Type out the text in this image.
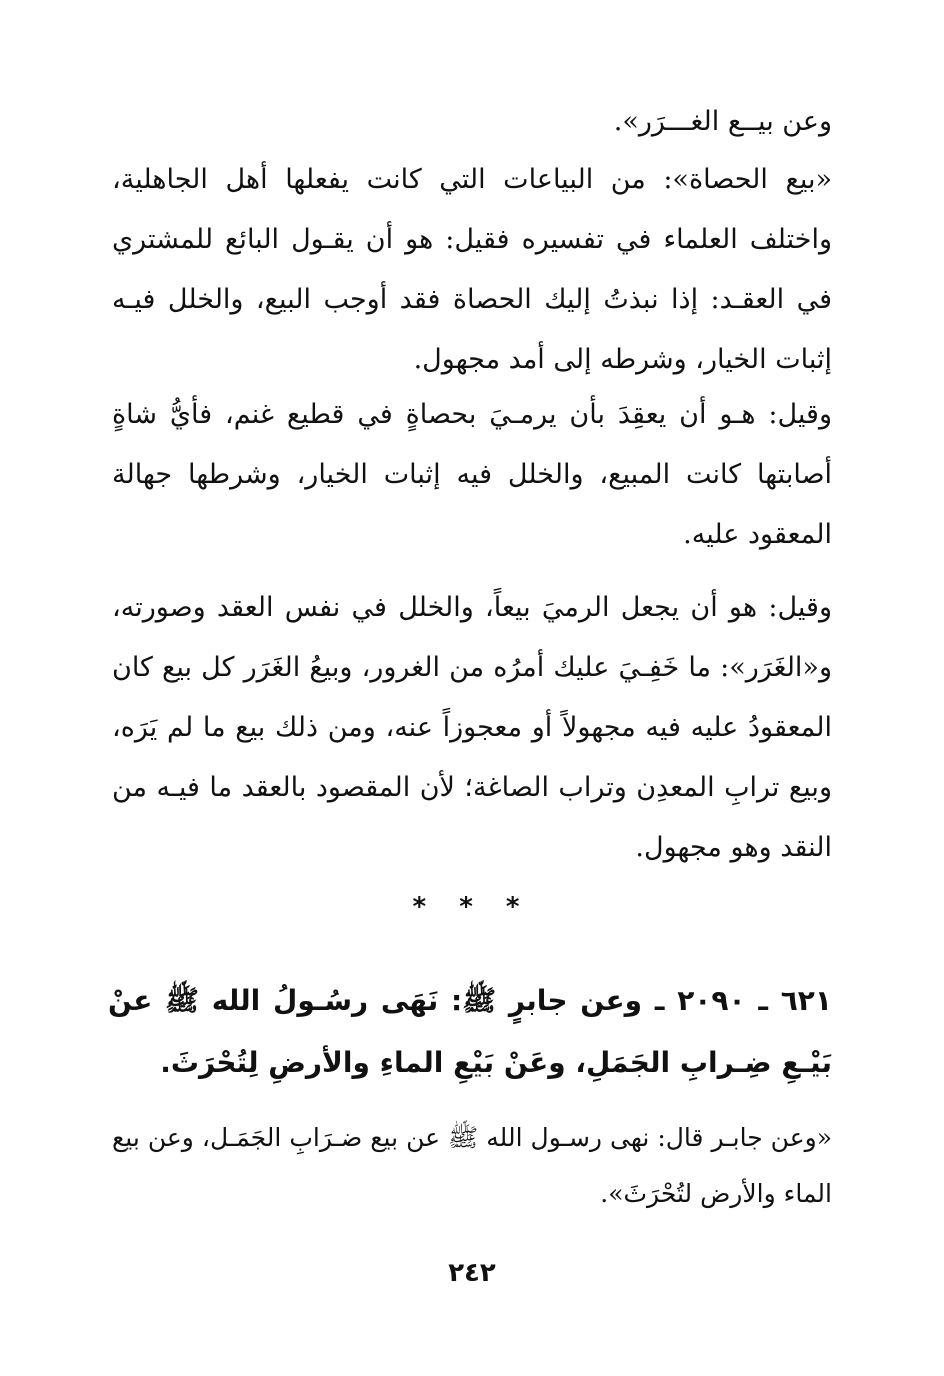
وعن بيــع الغـــرَر».

«بيع الحصاة»: من البياعات التي كانت يفعلها أهل الجاهلية، واختلف العلماء في تفسيره فقيل: هو أن يقـول البائع للمشتري في العقـد: إذا نبذتُ إليك الحصاة فقد أوجب البيع، والخلل فيـه إثبات الخيار، وشرطه إلى أمد مجهول.

وقيل: هـو أن يعقِدَ بأن يرمـيَ بحصاةٍ في قطيع غنم، فأيُّ شاةٍ أصابتها كانت المبيع، والخلل فيه إثبات الخيار، وشرطها جهالة المعقود عليه.

وقيل: هو أن يجعل الرميَ بيعاً، والخلل في نفس العقد وصورته، و«الغَرَر»: ما خَفِـيَ عليك أمرُه من الغرور، وبيعُ الغَرَر كل بيع كان المعقودُ عليه فيه مجهولاً أو معجوزاً عنه، ومن ذلك بيع ما لم يَرَه، وبيع ترابِ المعدِن وتراب الصاغة؛ لأن المقصود بالعقد ما فيـه من النقد وهو مجهول.

* * *

٦٢١ ـ ٢٠٩٠ ـ وعن جابرٍ ﷺ: نَهَى رسُـولُ الله ﷺ عنْ بَيْـعِ ضِـرابِ الجَمَلِ، وعَنْ بَيْعِ الماءِ والأرضِ لِتُحْرَثَ.

«وعن جابـر قال: نهى رسـول الله ﷺ عن بيع ضـرَابِ الجَمَـل، وعن بيع الماء والأرض لتُحْرَثَ».

٢٤٢
